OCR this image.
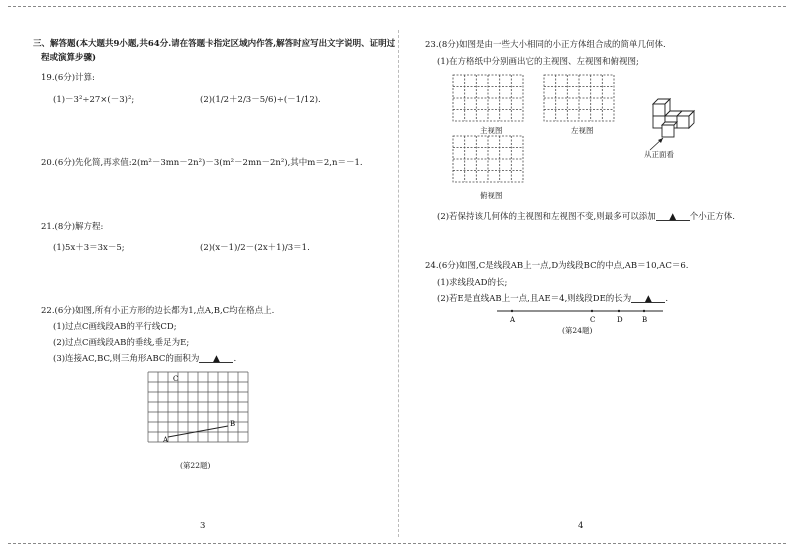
三、解答题(本大题共9小题,共64分.请在答题卡指定区域内作答,解答时应写出文字说明、证明过
程或演算步骤)
19.(6分)计算:
(1)－3²÷27×(－3)²;	(2)(1/2＋2/3－5/6)÷(－1/12).
20.(6分)先化简,再求值:2(m²－3mn－2n²)－3(m²－2mn－2n²),其中m＝2,n＝－1.
21.(8分)解方程:
(1)5x＋3＝3x－5;	(2)(x－1)/2－(2x＋1)/3＝1.
22.(6分)如图,所有小正方形的边长都为1,点A,B,C均在格点上.
(1)过点C画线段AB的平行线CD;
(2)过点C画线段AB的垂线,垂足为E;
(3)连接AC,BC,则三角形ABC的面积为 ▲ .
A
B
C
(第22题)
3
23.(8分)如图是由一些大小相同的小正方体组合成的简单几何体.
(1)在方格纸中分别画出它的主视图、左视图和俯视图;
主视图	左视图
俯视图
从正面看
(2)若保持该几何体的主视图和左视图不变,则最多可以添加 ▲ 个小正方体.
24.(6分)如图,C是线段AB上一点,D为线段BC的中点,AB＝10,AC＝6.
(1)求线段AD的长;
(2)若E是直线AB上一点,且AE＝4,则线段DE的长为 ▲ .
A	C	D	B
(第24题)
4
